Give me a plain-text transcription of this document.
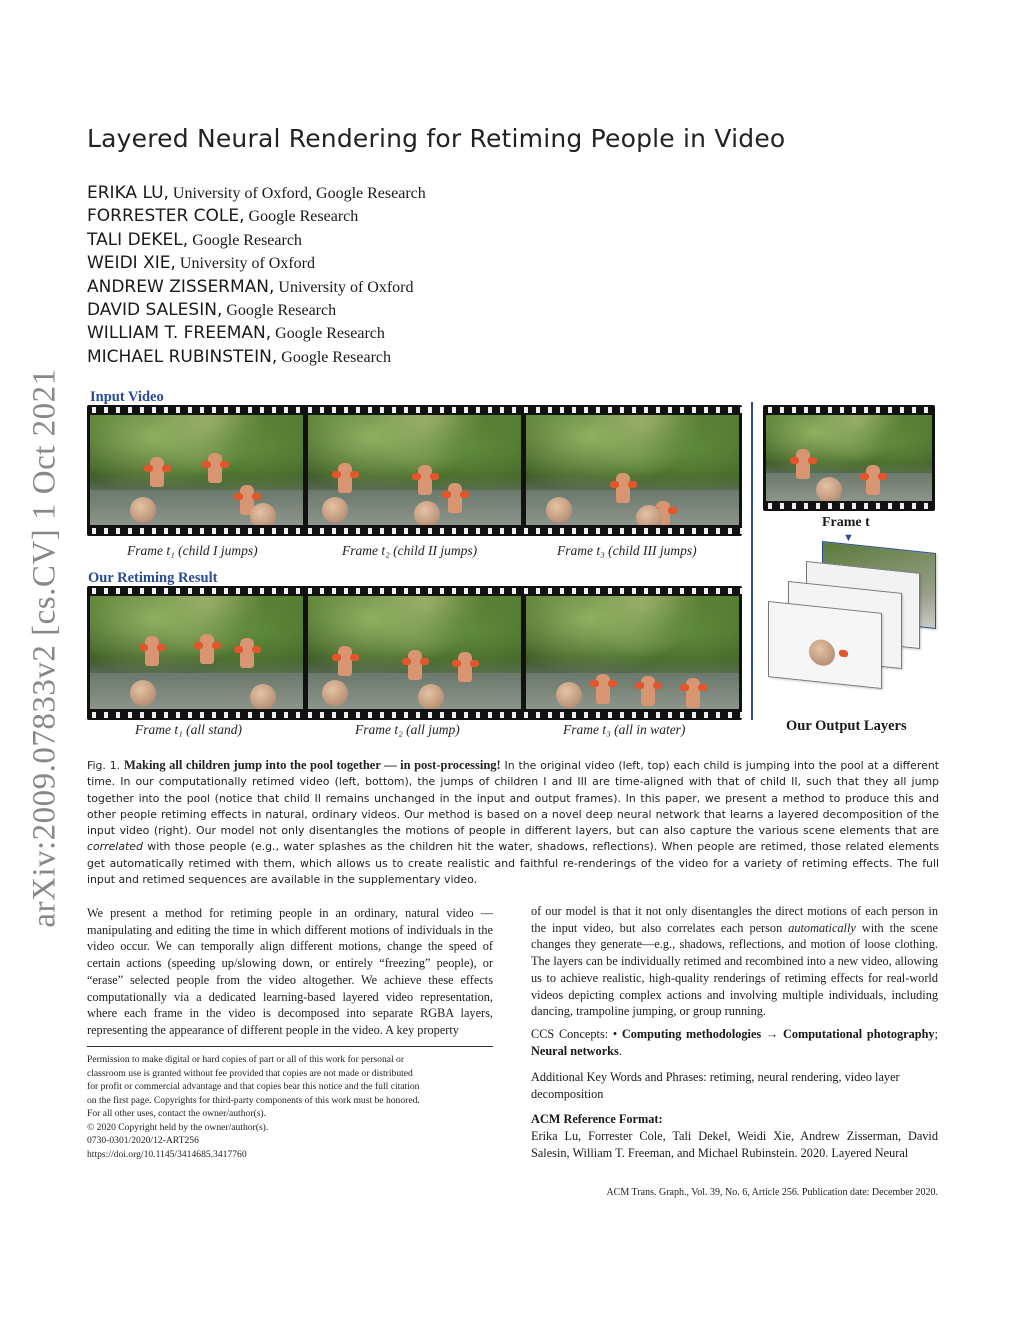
arXiv:2009.07833v2 [cs.CV] 1 Oct 2021
Layered Neural Rendering for Retiming People in Video
ERIKA LU, University of Oxford, Google Research
FORRESTER COLE, Google Research
TALI DEKEL, Google Research
WEIDI XIE, University of Oxford
ANDREW ZISSERMAN, University of Oxford
DAVID SALESIN, Google Research
WILLIAM T. FREEMAN, Google Research
MICHAEL RUBINSTEIN, Google Research
Input Video
Frame t₁ (child I jumps)	Frame t₂ (child II jumps)	Frame t₃ (child III jumps)
Our Retiming Result
Frame t₁ (all stand)	Frame t₂ (all jump)	Frame t₃ (all in water)
Frame t
▼
Our Output Layers
Fig. 1. Making all children jump into the pool together — in post-processing! In the original video (left, top) each child is jumping into the pool at a different time. In our computationally retimed video (left, bottom), the jumps of children I and III are time-aligned with that of child II, such that they all jump together into the pool (notice that child II remains unchanged in the input and output frames). In this paper, we present a method to produce this and other people retiming effects in natural, ordinary videos. Our method is based on a novel deep neural network that learns a layered decomposition of the input video (right). Our model not only disentangles the motions of people in different layers, but can also capture the various scene elements that are correlated with those people (e.g., water splashes as the children hit the water, shadows, reflections). When people are retimed, those related elements get automatically retimed with them, which allows us to create realistic and faithful re-renderings of the video for a variety of retiming effects. The full input and retimed sequences are available in the supplementary video.
We present a method for retiming people in an ordinary, natural video — manipulating and editing the time in which different motions of individuals in the video occur. We can temporally align different motions, change the speed of certain actions (speeding up/slowing down, or entirely “freezing” people), or “erase” selected people from the video altogether. We achieve these effects computationally via a dedicated learning-based layered video representation, where each frame in the video is decomposed into separate RGBA layers, representing the appearance of different people in the video. A key property
of our model is that it not only disentangles the direct motions of each person in the input video, but also correlates each person automatically with the scene changes they generate—e.g., shadows, reflections, and motion of loose clothing. The layers can be individually retimed and recombined into a new video, allowing us to achieve realistic, high-quality renderings of retiming effects for real-world videos depicting complex actions and involving multiple individuals, including dancing, trampoline jumping, or group running.
Permission to make digital or hard copies of part or all of this work for personal or
classroom use is granted without fee provided that copies are not made or distributed
for profit or commercial advantage and that copies bear this notice and the full citation
on the first page. Copyrights for third-party components of this work must be honored.
For all other uses, contact the owner/author(s).
© 2020 Copyright held by the owner/author(s).
0730-0301/2020/12-ART256
https://doi.org/10.1145/3414685.3417760
CCS Concepts: • Computing methodologies → Computational photography; Neural networks.
Additional Key Words and Phrases: retiming, neural rendering, video layer decomposition
ACM Reference Format:
Erika Lu, Forrester Cole, Tali Dekel, Weidi Xie, Andrew Zisserman, David Salesin, William T. Freeman, and Michael Rubinstein. 2020. Layered Neural
ACM Trans. Graph., Vol. 39, No. 6, Article 256. Publication date: December 2020.
